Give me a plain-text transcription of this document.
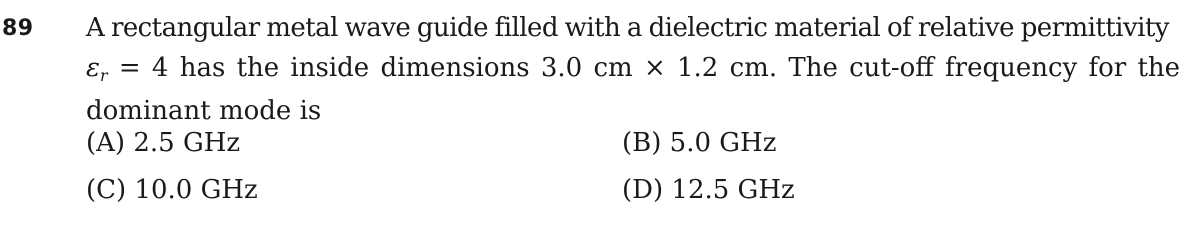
89 A rectangular metal wave guide filled with a dielectric material of relative permittivity
εr = 4 has the inside dimensions 3.0 cm × 1.2 cm. The cut-off frequency for the
dominant mode is
(A) 2.5 GHz	(B) 5.0 GHz
(C) 10.0 GHz	(D) 12.5 GHz
